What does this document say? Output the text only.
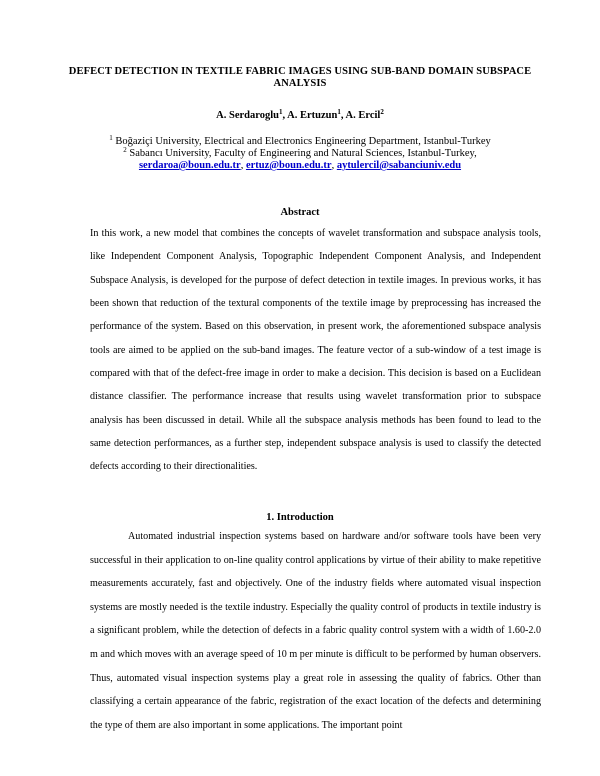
DEFECT DETECTION IN TEXTILE FABRIC IMAGES USING SUB-BAND DOMAIN SUBSPACE ANALYSIS
A. Serdaroglu$^1$, A. Ertuzun$^1$, A. Ercil$^2$
$^1$ Boğaziçi University, Electrical and Electronics Engineering Department, Istanbul-Turkey
$^2$ Sabancı University, Faculty of Engineering and Natural Sciences, Istanbul-Turkey,
serdaroa@boun.edu.tr, ertuz@boun.edu.tr, aytulercil@sabanciuniv.edu
Abstract

In this work, a new model that combines the concepts of wavelet transformation and subspace analysis tools, like Independent Component Analysis, Topographic Independent Component Analysis, and Independent Subspace Analysis, is developed for the purpose of defect detection in textile images. In previous works, it has been shown that reduction of the textural components of the textile image by preprocessing has increased the performance of the system. Based on this observation, in present work, the aforementioned subspace analysis tools are aimed to be applied on the sub-band images. The feature vector of a sub-window of a test image is compared with that of the defect-free image in order to make a decision. This decision is based on a Euclidean distance classifier. The performance increase that results using wavelet transformation prior to subspace analysis has been discussed in detail. While all the subspace analysis methods has been found to lead to the same detection performances, as a further step, independent subspace analysis is used to classify the detected defects according to their directionalities.

1. Introduction

Automated industrial inspection systems based on hardware and/or software tools have been very successful in their application to on-line quality control applications by virtue of their ability to make repetitive measurements accurately, fast and objectively. One of the industry fields where automated visual inspection systems are mostly needed is the textile industry. Especially the quality control of products in textile industry is a significant problem, while the detection of defects in a fabric quality control system with a width of 1.60-2.0 m and which moves with an average speed of 10 m per minute is difficult to be performed by human observers. Thus, automated visual inspection systems play a great role in assessing the quality of fabrics. Other than classifying a certain appearance of the fabric, registration of the exact location of the defects and determining the type of them are also important in some applications. The important point
